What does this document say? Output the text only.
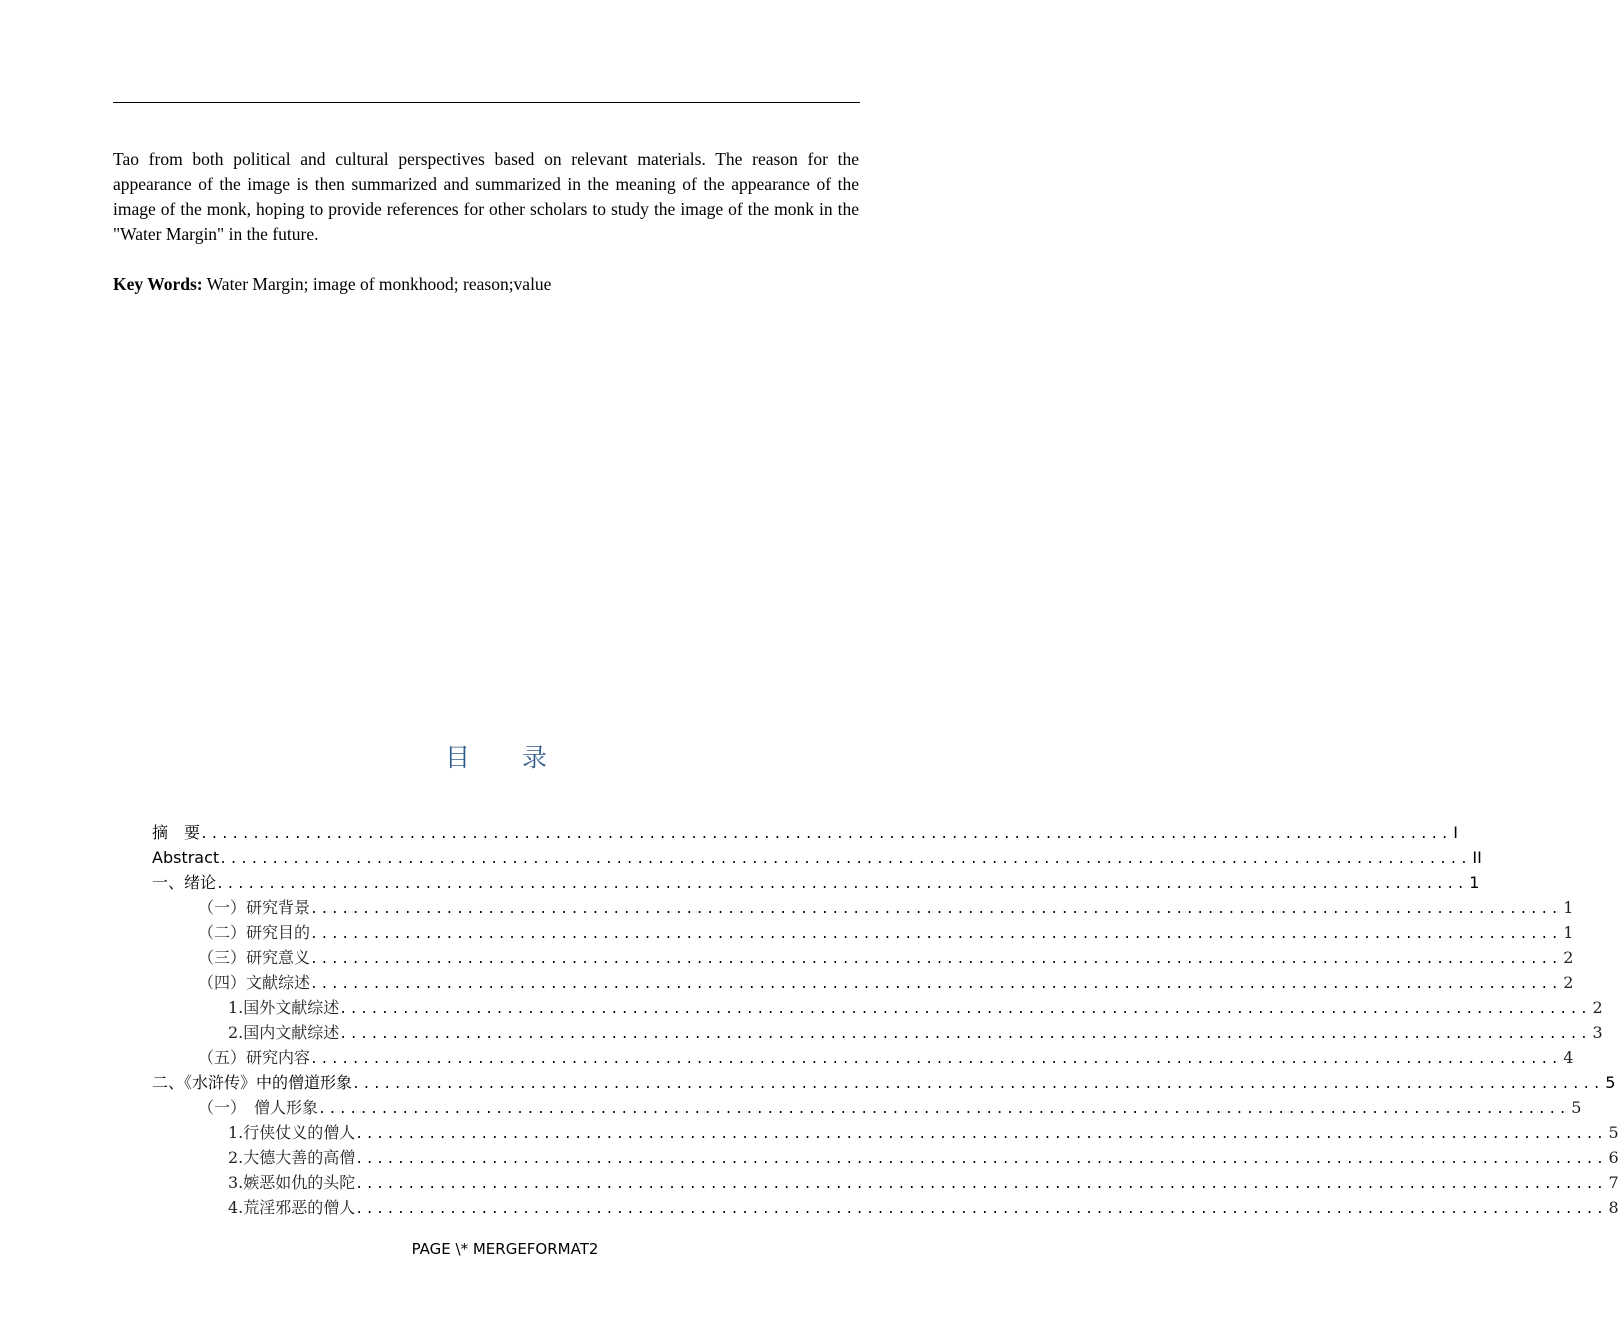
Tao from both political and cultural perspectives based on relevant materials. The reason for the appearance of the image is then summarized and summarized in the meaning of the appearance of the image of the monk, hoping to provide references for other scholars to study the image of the monk in the "Water Margin" in the future.

Key Words: Water Margin; image of monkhood; reason;value

目 录
摘　要 ........................................................................................................................ I
Abstract ........................................................................................................................ II
一、绪论 ........................................................................................................................ 1
（一）研究背景 ........................................................................................................................ 1
（二）研究目的 ........................................................................................................................ 1
（三）研究意义 ........................................................................................................................ 2
（四）文献综述 ........................................................................................................................ 2
1.国外文献综述 ........................................................................................................................ 2
2.国内文献综述 ........................................................................................................................ 3
（五）研究内容 ........................................................................................................................ 4
二、《水浒传》中的僧道形象 ........................................................................................................................ 5
（一）　僧人形象 ........................................................................................................................ 5
1.行侠仗义的僧人 ........................................................................................................................ 5
2.大德大善的高僧 ........................................................................................................................ 6
3.嫉恶如仇的头陀 ........................................................................................................................ 7
4.荒淫邪恶的僧人 ........................................................................................................................ 8
PAGE \* MERGEFORMAT2
